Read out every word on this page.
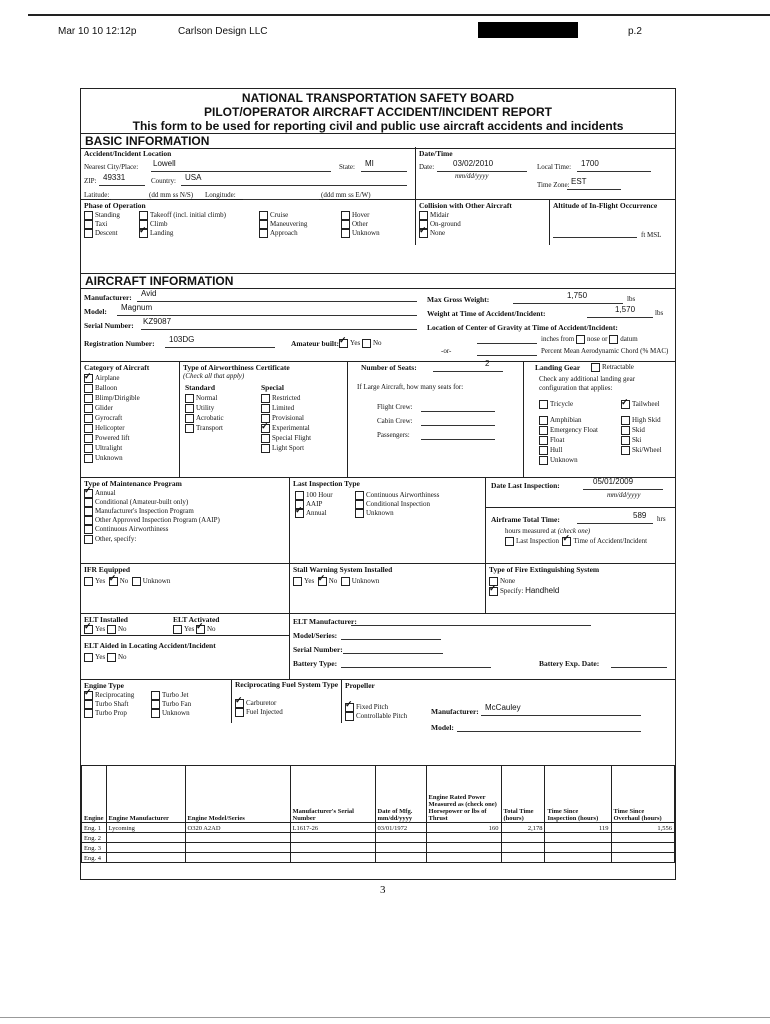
Mar 10 10 12:12p	Carlson Design LLC	p.2
NATIONAL TRANSPORTATION SAFETY BOARD
PILOT/OPERATOR AIRCRAFT ACCIDENT/INCIDENT REPORT
This form to be used for reporting civil and public use aircraft accidents and incidents
BASIC INFORMATION
Accident/Incident Location
Nearest City/Place: Lowell	State: MI
ZIP: 49331	Country: USA
Latitude:	(dd mm ss N/S) Longitude:	(ddd mm ss E/W)
Date/Time
Date: 03/02/2010
mm/dd/yyyy
Local Time: 1700
Time Zone: EST
Phase of Operation
Standing
Taxi
Descent
Takeoff (incl. initial climb)
Climb
✓Landing
Cruise
Maneuvering
Approach
Hover
Other
Unknown
Collision with Other Aircraft
Midair
On-ground
✓None
Altitude of In-Flight Occurrence
ft MSL
AIRCRAFT INFORMATION
Manufacturer: Avid
Model: Magnum
Serial Number: KZ9087
Registration Number: 103DG	Amateur built: ✓	Yes No
Max Gross Weight:	1,750	lbs
Weight at Time of Accident/Incident:	1,570	lbs
Location of Center of Gravity at Time of Accident/Incident:
inches from nose or datum
-or-	Percent Mean Aerodynamic Chord (% MAC)
Category of Aircraft
✓Airplane
Balloon
Blimp/Dirigible
Glider
Gyrocraft
Helicopter
Powered lift
Ultralight
Unknown
Type of Airworthiness Certificate
(Check all that apply)
Standard
Normal
Utility
Acrobatic
Transport
Special
Restricted
Limited
Provisional
✓Experimental
Special Flight
Light Sport
Number of Seats:	2
If Large Aircraft, how many seats for:
Flight Crew:
Cabin Crew:
Passengers:
Landing Gear	Retractable
Check any additional landing gear configuration that applies:
Tricycle
Amphibian
Emergency Float
Float
Hull
Unknown
✓Tailwheel
High Skid
Skid
Ski
Ski/Wheel
Type of Maintenance Program
✓Annual
Conditional (Amateur-built only)
Manufacturer's Inspection Program
Other Approved Inspection Program (AAIP)
Continuous Airworthiness
Other, specify:
Last Inspection Type
100 Hour
AAIP
✓Annual
Continuous Airworthiness
Conditional Inspection
Unknown
Date Last Inspection:	05/01/2009
mm/dd/yyyy
Airframe Total Time:	589 hrs
hours measured at (check one)
Last Inspection ✓ Time of Accident/Incident
IFR Equipped
Yes ✓ No Unknown
Stall Warning System Installed
Yes ✓ No Unknown
Type of Fire Extinguishing System
None
✓Specify: Handheld
ELT Installed
✓Yes No
ELT Activated
Yes ✓ No
ELT Aided in Locating Accident/Incident
Yes No
ELT Manufacturer:
Model/Series:
Serial Number:
Battery Type:	Battery Exp. Date:
Engine Type
✓Reciprocating
Turbo Shaft
Turbo Prop
Turbo Jet
Turbo Fan
Unknown
Reciprocating Fuel System Type
✓Carburetor
Fuel Injected
Propeller
✓Fixed Pitch
Controllable Pitch
Manufacturer: McCauley
Model:
Engine	Engine Manufacturer	Engine Model/Series	Manufacturer's Serial Number	Date of Mfg. mm/dd/yyyy	Engine Rated Power Measured as (check one) Horsepower or lbs of Thrust	Total Time (hours)	Time Since Inspection (hours)	Time Since Overhaul (hours)
Eng. 1	Lycoming	O320 A2AD	L1617-26	03/01/1972	160	2,178	119	1,556
Eng. 2								
Eng. 3								
Eng. 4								
3
